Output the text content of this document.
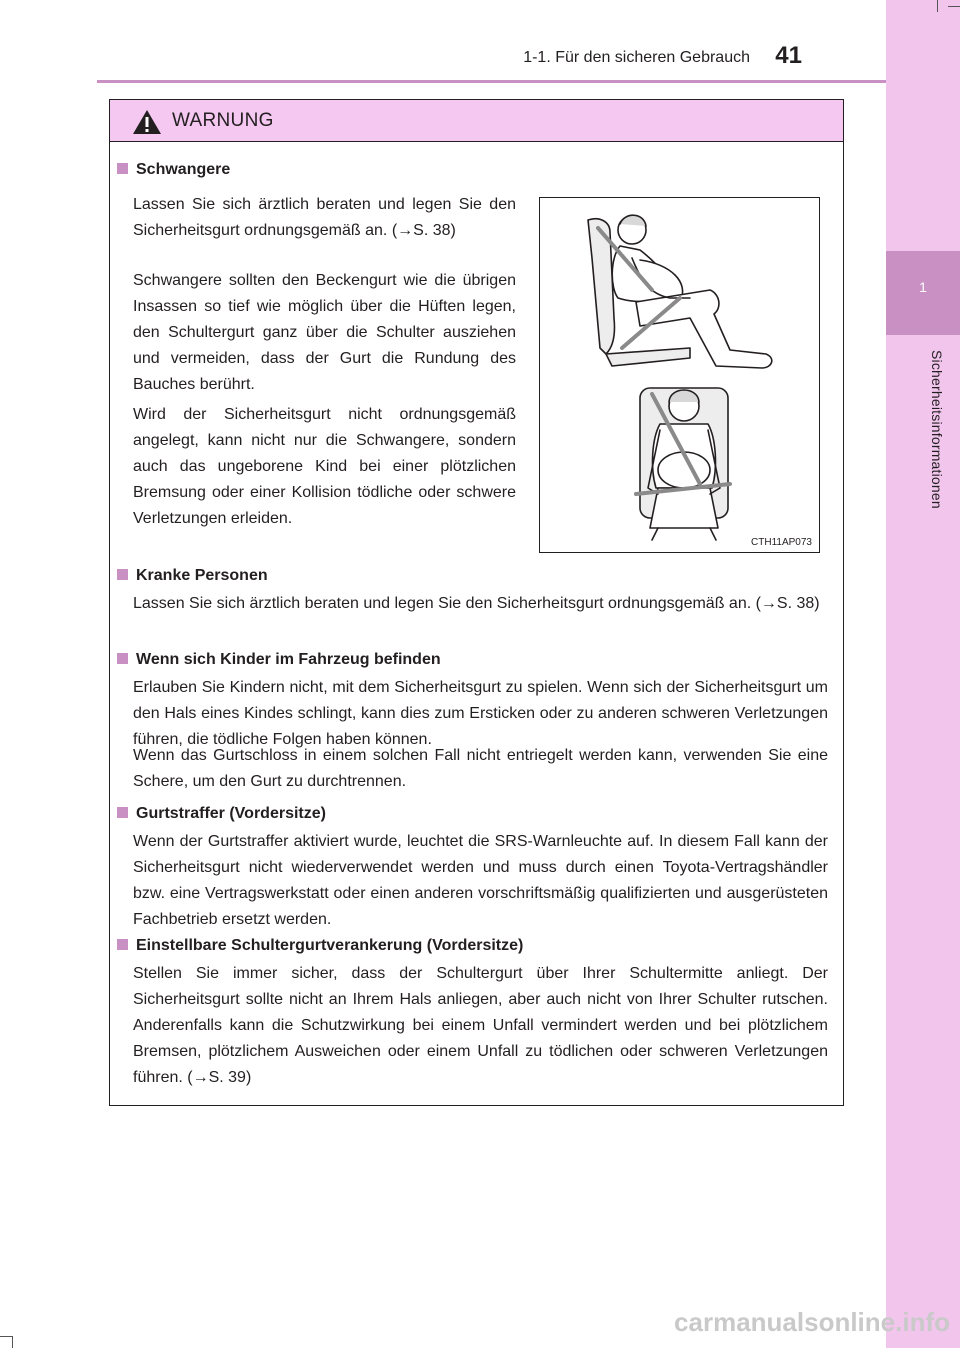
1-1. Für den sicheren Gebrauch 41
1
Sicherheitsinformationen
WARNUNG
Schwangere
Lassen Sie sich ärztlich beraten und legen Sie den Sicherheitsgurt ordnungsgemäß an. (→S. 38)
Schwangere sollten den Beckengurt wie die übrigen Insassen so tief wie möglich über die Hüften legen, den Schultergurt ganz über die Schulter ausziehen und vermeiden, dass der Gurt die Rundung des Bauches berührt.
Wird der Sicherheitsgurt nicht ordnungsgemäß angelegt, kann nicht nur die Schwangere, sondern auch das ungeborene Kind bei einer plötzlichen Bremsung oder einer Kollision tödliche oder schwere Verletzungen erleiden.
Kranke Personen
Lassen Sie sich ärztlich beraten und legen Sie den Sicherheitsgurt ordnungsgemäß an. (→S. 38)
Wenn sich Kinder im Fahrzeug befinden
Erlauben Sie Kindern nicht, mit dem Sicherheitsgurt zu spielen. Wenn sich der Sicherheitsgurt um den Hals eines Kindes schlingt, kann dies zum Ersticken oder zu anderen schweren Verletzungen führen, die tödliche Folgen haben können.
Wenn das Gurtschloss in einem solchen Fall nicht entriegelt werden kann, verwenden Sie eine Schere, um den Gurt zu durchtrennen.
Gurtstraffer (Vordersitze)
Wenn der Gurtstraffer aktiviert wurde, leuchtet die SRS-Warnleuchte auf. In diesem Fall kann der Sicherheitsgurt nicht wiederverwendet werden und muss durch einen Toyota-Vertragshändler bzw. eine Vertragswerkstatt oder einen anderen vorschriftsmäßig qualifizierten und ausgerüsteten Fachbetrieb ersetzt werden.
Einstellbare Schultergurtverankerung (Vordersitze)
Stellen Sie immer sicher, dass der Schultergurt über Ihrer Schultermitte anliegt. Der Sicherheitsgurt sollte nicht an Ihrem Hals anliegen, aber auch nicht von Ihrer Schulter rutschen. Anderenfalls kann die Schutzwirkung bei einem Unfall vermindert werden und bei plötzlichem Bremsen, plötzlichem Ausweichen oder einem Unfall zu tödlichen oder schweren Verletzungen führen. (→S. 39)
CTH11AP073
carmanualsonline.info
